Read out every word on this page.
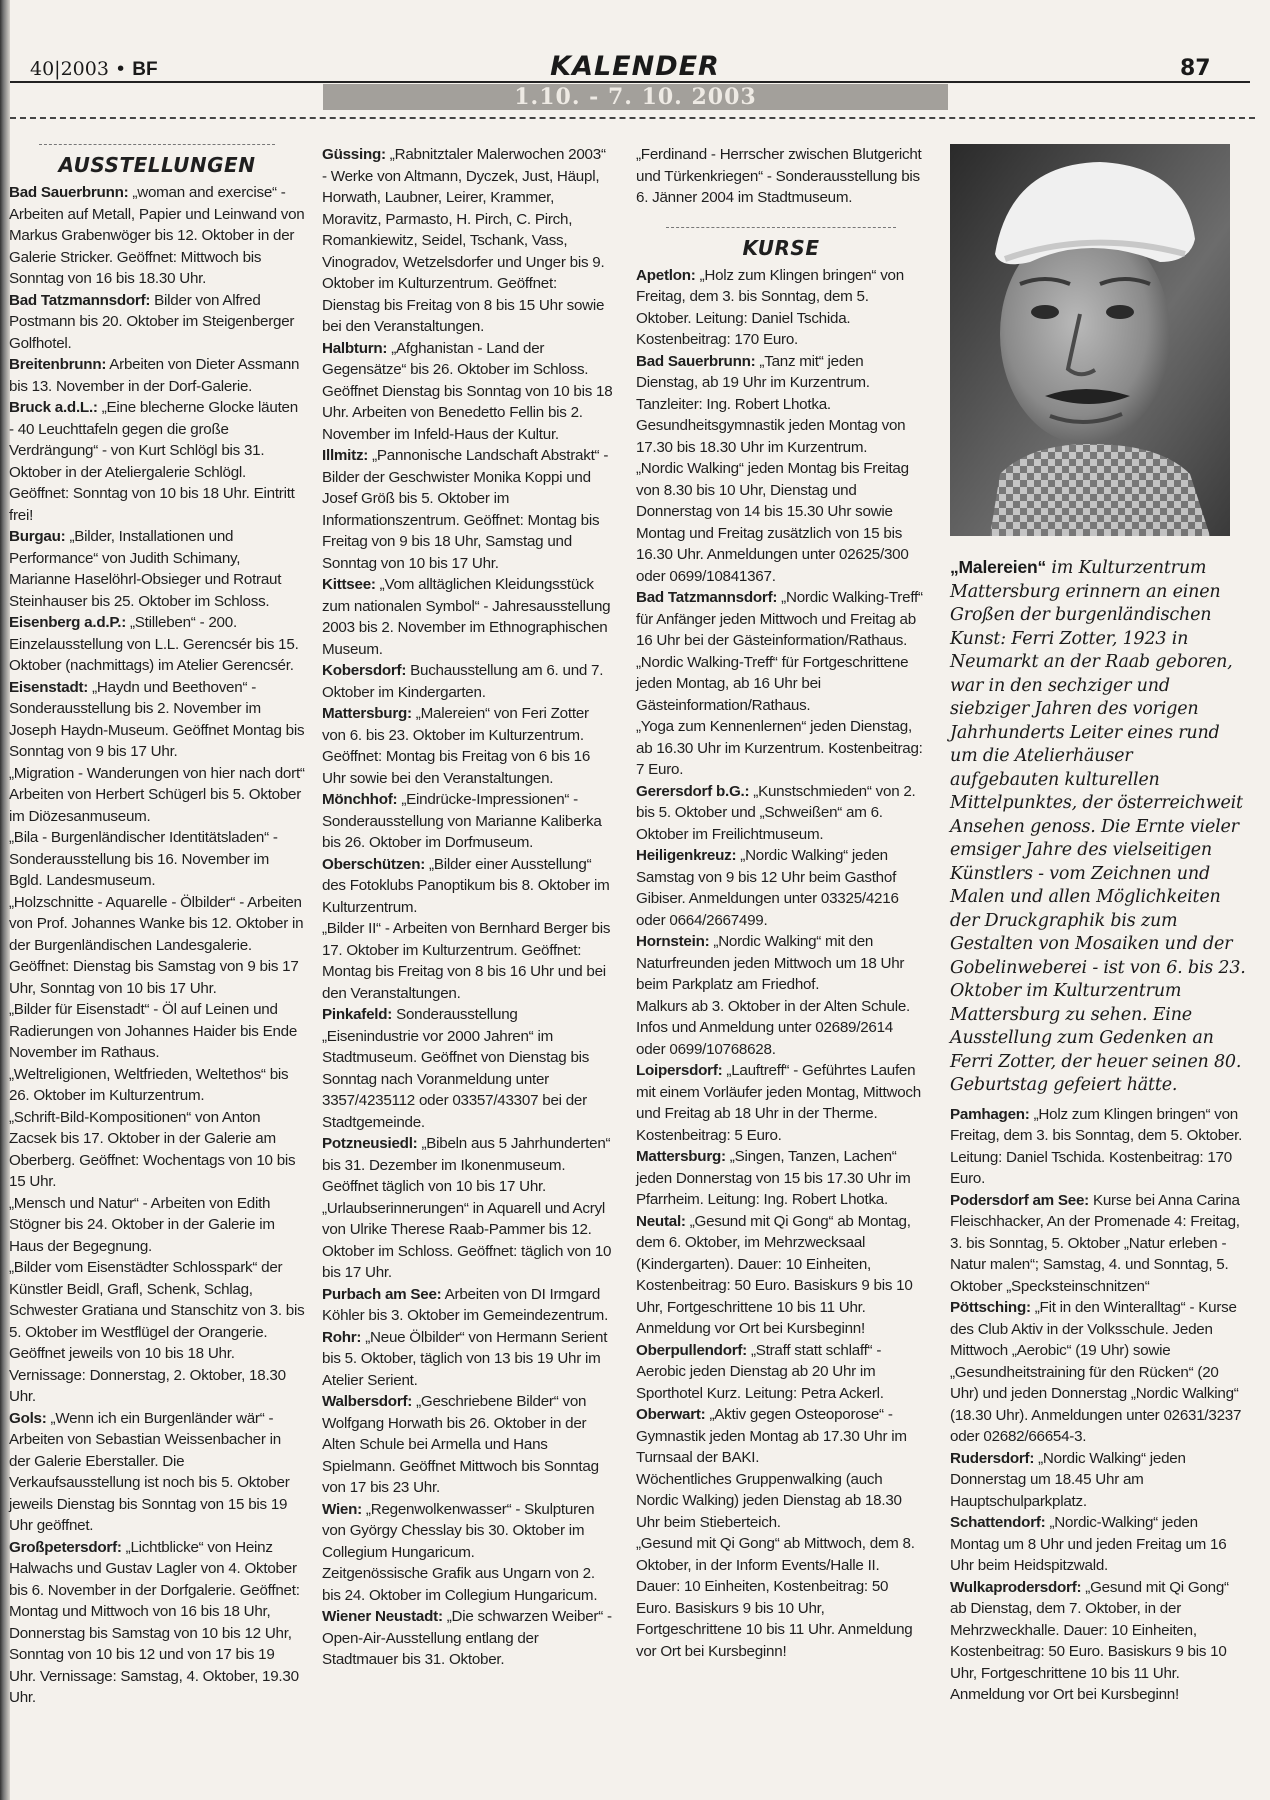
40|2003 • BF	KALENDER	87
1.10. - 7. 10. 2003
AUSSTELLUNGEN

Bad Sauerbrunn: „woman and exercise“ - Arbeiten auf Metall, Papier und Leinwand von Markus Grabenwöger bis 12. Oktober in der Galerie Stricker. Geöffnet: Mittwoch bis Sonntag von 16 bis 18.30 Uhr.

Bad Tatzmannsdorf: Bilder von Alfred Postmann bis 20. Oktober im Steigenberger Golfhotel.

Breitenbrunn: Arbeiten von Dieter Assmann bis 13. November in der Dorf-Galerie.

Bruck a.d.L.: „Eine blecherne Glocke läuten - 40 Leuchttafeln gegen die große Verdrängung“ - von Kurt Schlögl bis 31. Oktober in der Ateliergalerie Schlögl. Geöffnet: Sonntag von 10 bis 18 Uhr. Eintritt frei!

Burgau: „Bilder, Installationen und Performance“ von Judith Schimany, Marianne Haselöhrl-Obsieger und Rotraut Steinhauser bis 25. Oktober im Schloss.

Eisenberg a.d.P.: „Stilleben“ - 200. Einzelausstellung von L.L. Gerencsér bis 15. Oktober (nachmittags) im Atelier Gerencsér.

Eisenstadt: „Haydn und Beethoven“ - Sonderausstellung bis 2. November im Joseph Haydn-Museum. Geöffnet Montag bis Sonntag von 9 bis 17 Uhr.

„Migration - Wanderungen von hier nach dort“ Arbeiten von Herbert Schügerl bis 5. Oktober im Diözesanmuseum.

„Bila - Burgenländischer Identitätsladen“ - Sonderausstellung bis 16. November im Bgld. Landesmuseum.

„Holzschnitte - Aquarelle - Ölbilder“ - Arbeiten von Prof. Johannes Wanke bis 12. Oktober in der Burgenländischen Landesgalerie. Geöffnet: Dienstag bis Samstag von 9 bis 17 Uhr, Sonntag von 10 bis 17 Uhr.

„Bilder für Eisenstadt“ - Öl auf Leinen und Radierungen von Johannes Haider bis Ende November im Rathaus.

„Weltreligionen, Weltfrieden, Weltethos“ bis 26. Oktober im Kulturzentrum.

„Schrift-Bild-Kompositionen“ von Anton Zacsek bis 17. Oktober in der Galerie am Oberberg. Geöffnet: Wochentags von 10 bis 15 Uhr.

„Mensch und Natur“ - Arbeiten von Edith Stögner bis 24. Oktober in der Galerie im Haus der Begegnung.

„Bilder vom Eisenstädter Schlosspark“ der Künstler Beidl, Grafl, Schenk, Schlag, Schwester Gratiana und Stanschitz von 3. bis 5. Oktober im Westflügel der Orangerie. Geöffnet jeweils von 10 bis 18 Uhr. Vernissage: Donnerstag, 2. Oktober, 18.30 Uhr.

Gols: „Wenn ich ein Burgenländer wär“ - Arbeiten von Sebastian Weissenbacher in der Galerie Eberstaller. Die Verkaufsausstellung ist noch bis 5. Oktober jeweils Dienstag bis Sonntag von 15 bis 19 Uhr geöffnet.

Großpetersdorf: „Lichtblicke“ von Heinz Halwachs und Gustav Lagler von 4. Oktober bis 6. November in der Dorfgalerie. Geöffnet: Montag und Mittwoch von 16 bis 18 Uhr, Donnerstag bis Samstag von 10 bis 12 Uhr, Sonntag von 10 bis 12 und von 17 bis 19 Uhr. Vernissage: Samstag, 4. Oktober, 19.30 Uhr.

Güssing: „Rabnitztaler Malerwochen 2003“ - Werke von Altmann, Dyczek, Just, Häupl, Horwath, Laubner, Leirer, Krammer, Moravitz, Parmasto, H. Pirch, C. Pirch, Romankiewitz, Seidel, Tschank, Vass, Vinogradov, Wetzelsdorfer und Unger bis 9. Oktober im Kulturzentrum. Geöffnet: Dienstag bis Freitag von 8 bis 15 Uhr sowie bei den Veranstaltungen.

Halbturn: „Afghanistan - Land der Gegensätze“ bis 26. Oktober im Schloss. Geöffnet Dienstag bis Sonntag von 10 bis 18 Uhr. Arbeiten von Benedetto Fellin bis 2. November im Infeld-Haus der Kultur.

Illmitz: „Pannonische Landschaft Abstrakt“ - Bilder der Geschwister Monika Koppi und Josef Größ bis 5. Oktober im Informationszentrum. Geöffnet: Montag bis Freitag von 9 bis 18 Uhr, Samstag und Sonntag von 10 bis 17 Uhr.

Kittsee: „Vom alltäglichen Kleidungsstück zum nationalen Symbol“ - Jahresausstellung 2003 bis 2. November im Ethnographischen Museum.

Kobersdorf: Buchausstellung am 6. und 7. Oktober im Kindergarten.

Mattersburg: „Malereien“ von Feri Zotter von 6. bis 23. Oktober im Kulturzentrum. Geöffnet: Montag bis Freitag von 6 bis 16 Uhr sowie bei den Veranstaltungen.

Mönchhof: „Eindrücke-Impressionen“ - Sonderausstellung von Marianne Kaliberka bis 26. Oktober im Dorfmuseum.

Oberschützen: „Bilder einer Ausstellung“ des Fotoklubs Panoptikum bis 8. Oktober im Kulturzentrum.

„Bilder II“ - Arbeiten von Bernhard Berger bis 17. Oktober im Kulturzentrum. Geöffnet: Montag bis Freitag von 8 bis 16 Uhr und bei den Veranstaltungen.

Pinkafeld: Sonderausstellung „Eisenindustrie vor 2000 Jahren“ im Stadtmuseum. Geöffnet von Dienstag bis Sonntag nach Voranmeldung unter 3357/4235112 oder 03357/43307 bei der Stadtgemeinde.

Potzneusiedl: „Bibeln aus 5 Jahrhunderten“ bis 31. Dezember im Ikonenmuseum. Geöffnet täglich von 10 bis 17 Uhr.

„Urlaubserinnerungen“ in Aquarell und Acryl von Ulrike Therese Raab-Pammer bis 12. Oktober im Schloss. Geöffnet: täglich von 10 bis 17 Uhr.

Purbach am See: Arbeiten von DI Irmgard Köhler bis 3. Oktober im Gemeindezentrum.

Rohr: „Neue Ölbilder“ von Hermann Serient bis 5. Oktober, täglich von 13 bis 19 Uhr im Atelier Serient.

Walbersdorf: „Geschriebene Bilder“ von Wolfgang Horwath bis 26. Oktober in der Alten Schule bei Armella und Hans Spielmann. Geöffnet Mittwoch bis Sonntag von 17 bis 23 Uhr.

Wien: „Regenwolkenwasser“ - Skulpturen von György Chesslay bis 30. Oktober im Collegium Hungaricum.

Zeitgenössische Grafik aus Ungarn von 2. bis 24. Oktober im Collegium Hungaricum.

Wiener Neustadt: „Die schwarzen Weiber“ - Open-Air-Ausstellung entlang der Stadtmauer bis 31. Oktober.

„Ferdinand - Herrscher zwischen Blutgericht und Türkenkriegen“ - Sonderausstellung bis 6. Jänner 2004 im Stadtmuseum.

KURSE

Apetlon: „Holz zum Klingen bringen“ von Freitag, dem 3. bis Sonntag, dem 5. Oktober. Leitung: Daniel Tschida. Kostenbeitrag: 170 Euro.

Bad Sauerbrunn: „Tanz mit“ jeden Dienstag, ab 19 Uhr im Kurzentrum. Tanzleiter: Ing. Robert Lhotka.

Gesundheitsgymnastik jeden Montag von 17.30 bis 18.30 Uhr im Kurzentrum.

„Nordic Walking“ jeden Montag bis Freitag von 8.30 bis 10 Uhr, Dienstag und Donnerstag von 14 bis 15.30 Uhr sowie Montag und Freitag zusätzlich von 15 bis 16.30 Uhr. Anmeldungen unter 02625/300 oder 0699/10841367.

Bad Tatzmannsdorf: „Nordic Walking-Treff“ für Anfänger jeden Mittwoch und Freitag ab 16 Uhr bei der Gästeinformation/Rathaus.

„Nordic Walking-Treff“ für Fortgeschrittene jeden Montag, ab 16 Uhr bei Gästeinformation/Rathaus.

„Yoga zum Kennenlernen“ jeden Dienstag, ab 16.30 Uhr im Kurzentrum. Kostenbeitrag: 7 Euro.

Gerersdorf b.G.: „Kunstschmieden“ von 2. bis 5. Oktober und „Schweißen“ am 6. Oktober im Freilichtmuseum.

Heiligenkreuz: „Nordic Walking“ jeden Samstag von 9 bis 12 Uhr beim Gasthof Gibiser. Anmeldungen unter 03325/4216 oder 0664/2667499.

Hornstein: „Nordic Walking“ mit den Naturfreunden jeden Mittwoch um 18 Uhr beim Parkplatz am Friedhof.

Malkurs ab 3. Oktober in der Alten Schule. Infos und Anmeldung unter 02689/2614 oder 0699/10768628.

Loipersdorf: „Lauftreff“ - Geführtes Laufen mit einem Vorläufer jeden Montag, Mittwoch und Freitag ab 18 Uhr in der Therme. Kostenbeitrag: 5 Euro.

Mattersburg: „Singen, Tanzen, Lachen“ jeden Donnerstag von 15 bis 17.30 Uhr im Pfarrheim. Leitung: Ing. Robert Lhotka.

Neutal: „Gesund mit Qi Gong“ ab Montag, dem 6. Oktober, im Mehrzwecksaal (Kindergarten). Dauer: 10 Einheiten, Kostenbeitrag: 50 Euro. Basiskurs 9 bis 10 Uhr, Fortgeschrittene 10 bis 11 Uhr. Anmeldung vor Ort bei Kursbeginn!

Oberpullendorf: „Straff statt schlaff“ - Aerobic jeden Dienstag ab 20 Uhr im Sporthotel Kurz. Leitung: Petra Ackerl.

Oberwart: „Aktiv gegen Osteoporose“ - Gymnastik jeden Montag ab 17.30 Uhr im Turnsaal der BAKI.

Wöchentliches Gruppenwalking (auch Nordic Walking) jeden Dienstag ab 18.30 Uhr beim Stieberteich.

„Gesund mit Qi Gong“ ab Mittwoch, dem 8. Oktober, in der Inform Events/Halle II. Dauer: 10 Einheiten, Kostenbeitrag: 50 Euro. Basiskurs 9 bis 10 Uhr, Fortgeschrittene 10 bis 11 Uhr. Anmeldung vor Ort bei Kursbeginn!

„Malereien“ im Kulturzentrum Mattersburg erinnern an einen Großen der burgenländischen Kunst: Ferri Zotter, 1923 in Neumarkt an der Raab geboren, war in den sechziger und siebziger Jahren des vorigen Jahrhunderts Leiter eines rund um die Atelierhäuser aufgebauten kulturellen Mittelpunktes, der österreichweit Ansehen genoss. Die Ernte vieler emsiger Jahre des vielseitigen Künstlers - vom Zeichnen und Malen und allen Möglichkeiten der Druckgraphik bis zum Gestalten von Mosaiken und der Gobelinweberei - ist von 6. bis 23. Oktober im Kulturzentrum Mattersburg zu sehen. Eine Ausstellung zum Gedenken an Ferri Zotter, der heuer seinen 80. Geburtstag gefeiert hätte.

Pamhagen: „Holz zum Klingen bringen“ von Freitag, dem 3. bis Sonntag, dem 5. Oktober. Leitung: Daniel Tschida. Kostenbeitrag: 170 Euro.

Podersdorf am See: Kurse bei Anna Carina Fleischhacker, An der Promenade 4: Freitag, 3. bis Sonntag, 5. Oktober „Natur erleben - Natur malen“; Samstag, 4. und Sonntag, 5. Oktober „Specksteinschnitzen“

Pöttsching: „Fit in den Winteralltag“ - Kurse des Club Aktiv in der Volksschule. Jeden Mittwoch „Aerobic“ (19 Uhr) sowie „Gesundheitstraining für den Rücken“ (20 Uhr) und jeden Donnerstag „Nordic Walking“ (18.30 Uhr). Anmeldungen unter 02631/3237 oder 02682/66654-3.

Rudersdorf: „Nordic Walking“ jeden Donnerstag um 18.45 Uhr am Hauptschulparkplatz.

Schattendorf: „Nordic-Walking“ jeden Montag um 8 Uhr und jeden Freitag um 16 Uhr beim Heidspitzwald.

Wulkaprodersdorf: „Gesund mit Qi Gong“ ab Dienstag, dem 7. Oktober, in der Mehrzweckhalle. Dauer: 10 Einheiten, Kostenbeitrag: 50 Euro. Basiskurs 9 bis 10 Uhr, Fortgeschrittene 10 bis 11 Uhr. Anmeldung vor Ort bei Kursbeginn!
